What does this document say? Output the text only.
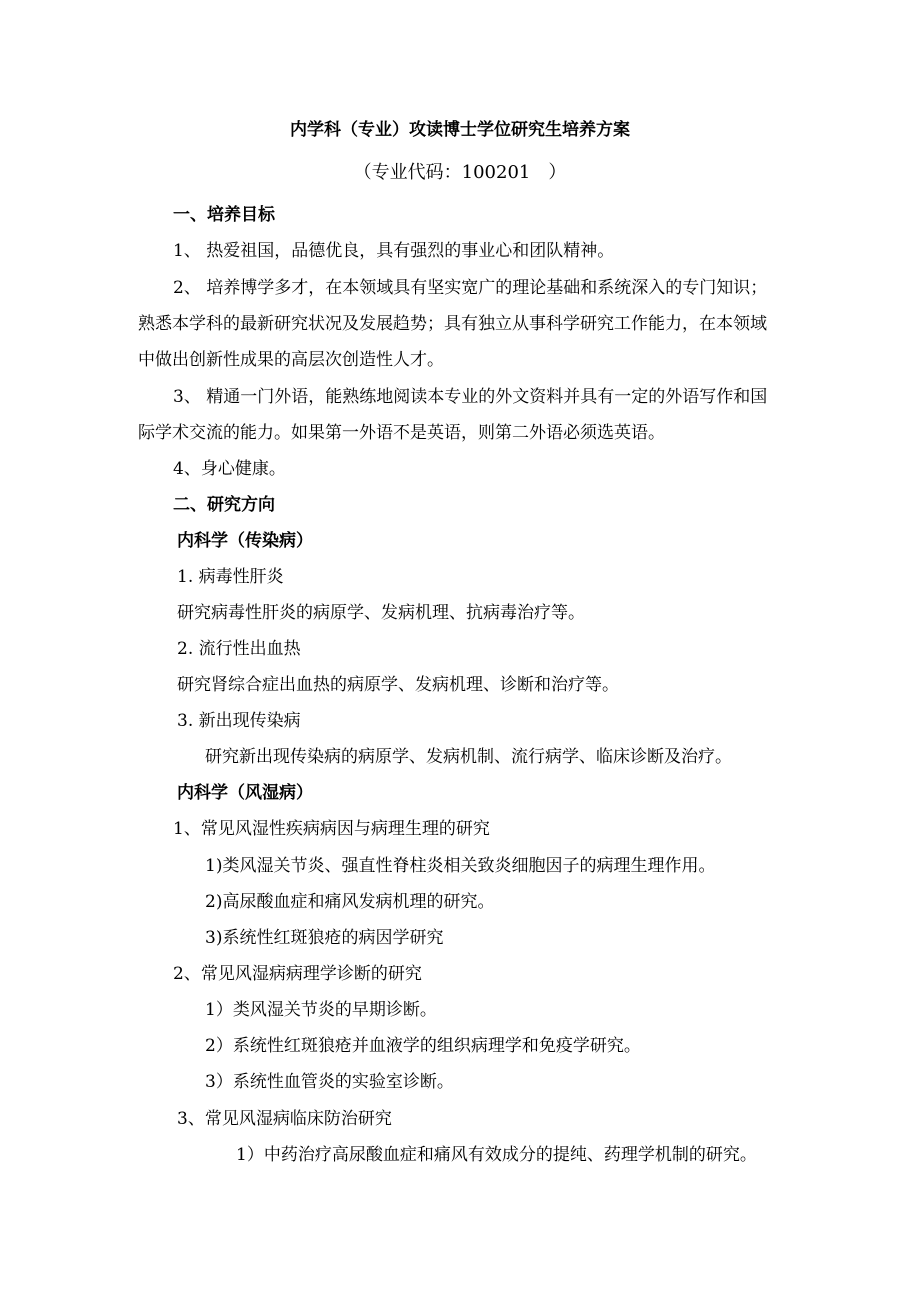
内学科（专业）攻读博士学位研究生培养方案

（专业代码：100201　）

一、培养目标

1、 热爱祖国，品德优良，具有强烈的事业心和团队精神。

2、 培养博学多才，在本领域具有坚实宽广的理论基础和系统深入的专门知识；

熟悉本学科的最新研究状况及发展趋势；具有独立从事科学研究工作能力，在本领域

中做出创新性成果的高层次创造性人才。

3、 精通一门外语，能熟练地阅读本专业的外文资料并具有一定的外语写作和国

际学术交流的能力。如果第一外语不是英语，则第二外语必须选英语。

4、身心健康。

二、研究方向

内科学（传染病）

1. 病毒性肝炎

研究病毒性肝炎的病原学、发病机理、抗病毒治疗等。

2. 流行性出血热

研究肾综合症出血热的病原学、发病机理、诊断和治疗等。

3. 新出现传染病

研究新出现传染病的病原学、发病机制、流行病学、临床诊断及治疗。

内科学（风湿病）

1、常见风湿性疾病病因与病理生理的研究

1)类风湿关节炎、强直性脊柱炎相关致炎细胞因子的病理生理作用。

2)高尿酸血症和痛风发病机理的研究。

3)系统性红斑狼疮的病因学研究

2、常见风湿病病理学诊断的研究

1）类风湿关节炎的早期诊断。

2）系统性红斑狼疮并血液学的组织病理学和免疫学研究。

3）系统性血管炎的实验室诊断。

3、常见风湿病临床防治研究

1）中药治疗高尿酸血症和痛风有效成分的提纯、药理学机制的研究。
